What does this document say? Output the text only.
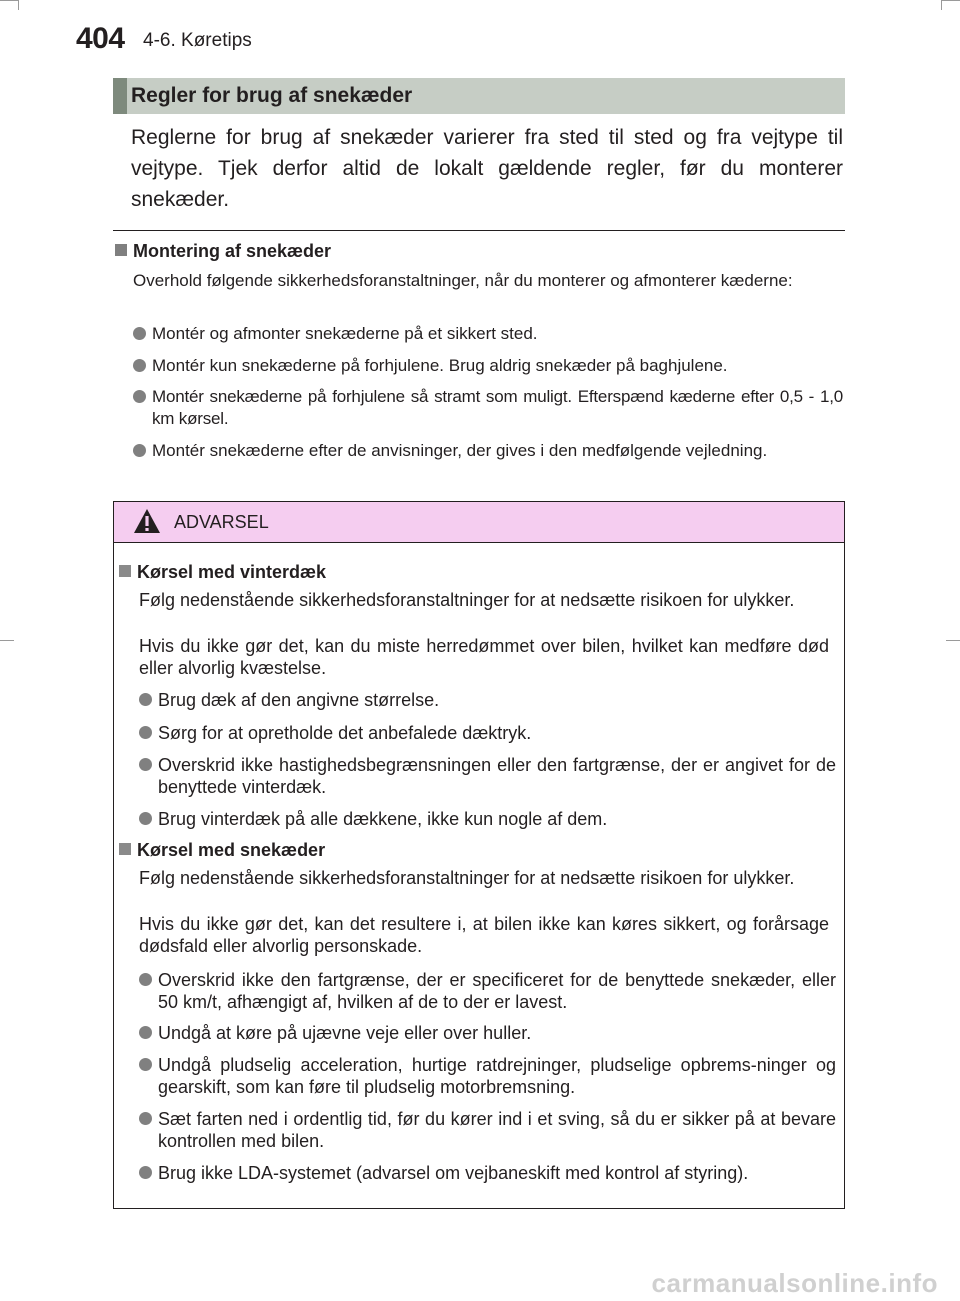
404 4-6. Køretips
Regler for brug af snekæder

Reglerne for brug af snekæder varierer fra sted til sted og fra vejtype til vejtype. Tjek derfor altid de lokalt gældende regler, før du monterer snekæder.

Montering af snekæder

Overhold følgende sikkerhedsforanstaltninger, når du monterer og afmonterer kæderne:

Montér og afmonter snekæderne på et sikkert sted.
Montér kun snekæderne på forhjulene. Brug aldrig snekæder på baghjulene.
Montér snekæderne på forhjulene så stramt som muligt. Efterspænd kæderne efter 0,5 - 1,0 km kørsel.
Montér snekæderne efter de anvisninger, der gives i den medfølgende vejledning.
ADVARSEL
Kørsel med vinterdæk

Følg nedenstående sikkerhedsforanstaltninger for at nedsætte risikoen for ulykker.

Hvis du ikke gør det, kan du miste herredømmet over bilen, hvilket kan medføre død eller alvorlig kvæstelse.

Brug dæk af den angivne størrelse.
Sørg for at opretholde det anbefalede dæktryk.
Overskrid ikke hastighedsbegrænsningen eller den fartgrænse, der er angivet for de benyttede vinterdæk.
Brug vinterdæk på alle dækkene, ikke kun nogle af dem.
Kørsel med snekæder

Følg nedenstående sikkerhedsforanstaltninger for at nedsætte risikoen for ulykker.

Hvis du ikke gør det, kan det resultere i, at bilen ikke kan køres sikkert, og forårsage dødsfald eller alvorlig personskade.

Overskrid ikke den fartgrænse, der er specificeret for de benyttede snekæder, eller 50 km/t, afhængigt af, hvilken af de to der er lavest.
Undgå at køre på ujævne veje eller over huller.
Undgå pludselig acceleration, hurtige ratdrejninger, pludselige opbrems-ninger og gearskift, som kan føre til pludselig motorbremsning.
Sæt farten ned i ordentlig tid, før du kører ind i et sving, så du er sikker på at bevare kontrollen med bilen.
Brug ikke LDA-systemet (advarsel om vejbaneskift med kontrol af styring).
carmanualsonline.info
